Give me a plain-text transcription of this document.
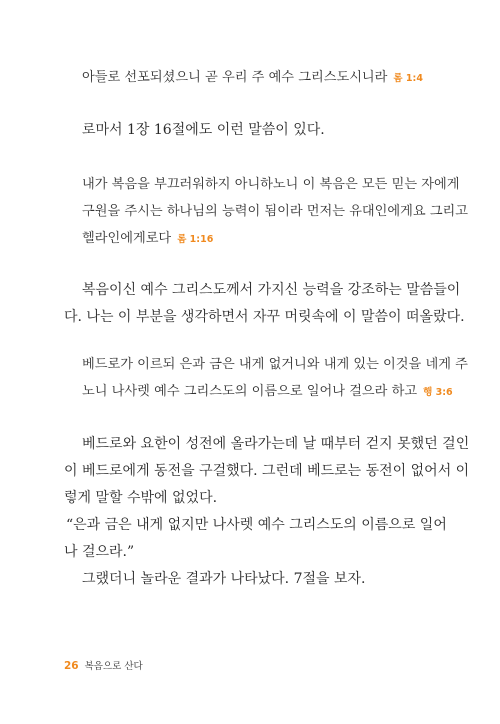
아들로 선포되셨으니 곧 우리 주 예수 그리스도시니라 롬 1:4
로마서 1장 16절에도 이런 말씀이 있다.
내가 복음을 부끄러워하지 아니하노니 이 복음은 모든 믿는 자에게
구원을 주시는 하나님의 능력이 됨이라 먼저는 유대인에게요 그리고
헬라인에게로다 롬 1:16
복음이신 예수 그리스도께서 가지신 능력을 강조하는 말씀들이
다. 나는 이 부분을 생각하면서 자꾸 머릿속에 이 말씀이 떠올랐다.
베드로가 이르되 은과 금은 내게 없거니와 내게 있는 이것을 네게 주
노니 나사렛 예수 그리스도의 이름으로 일어나 걸으라 하고 행 3:6
베드로와 요한이 성전에 올라가는데 날 때부터 걷지 못했던 걸인
이 베드로에게 동전을 구걸했다. 그런데 베드로는 동전이 없어서 이
렇게 말할 수밖에 없었다.
“은과 금은 내게 없지만 나사렛 예수 그리스도의 이름으로 일어
나 걸으라.”
그랬더니 놀라운 결과가 나타났다. 7절을 보자.
26 복음으로 산다
